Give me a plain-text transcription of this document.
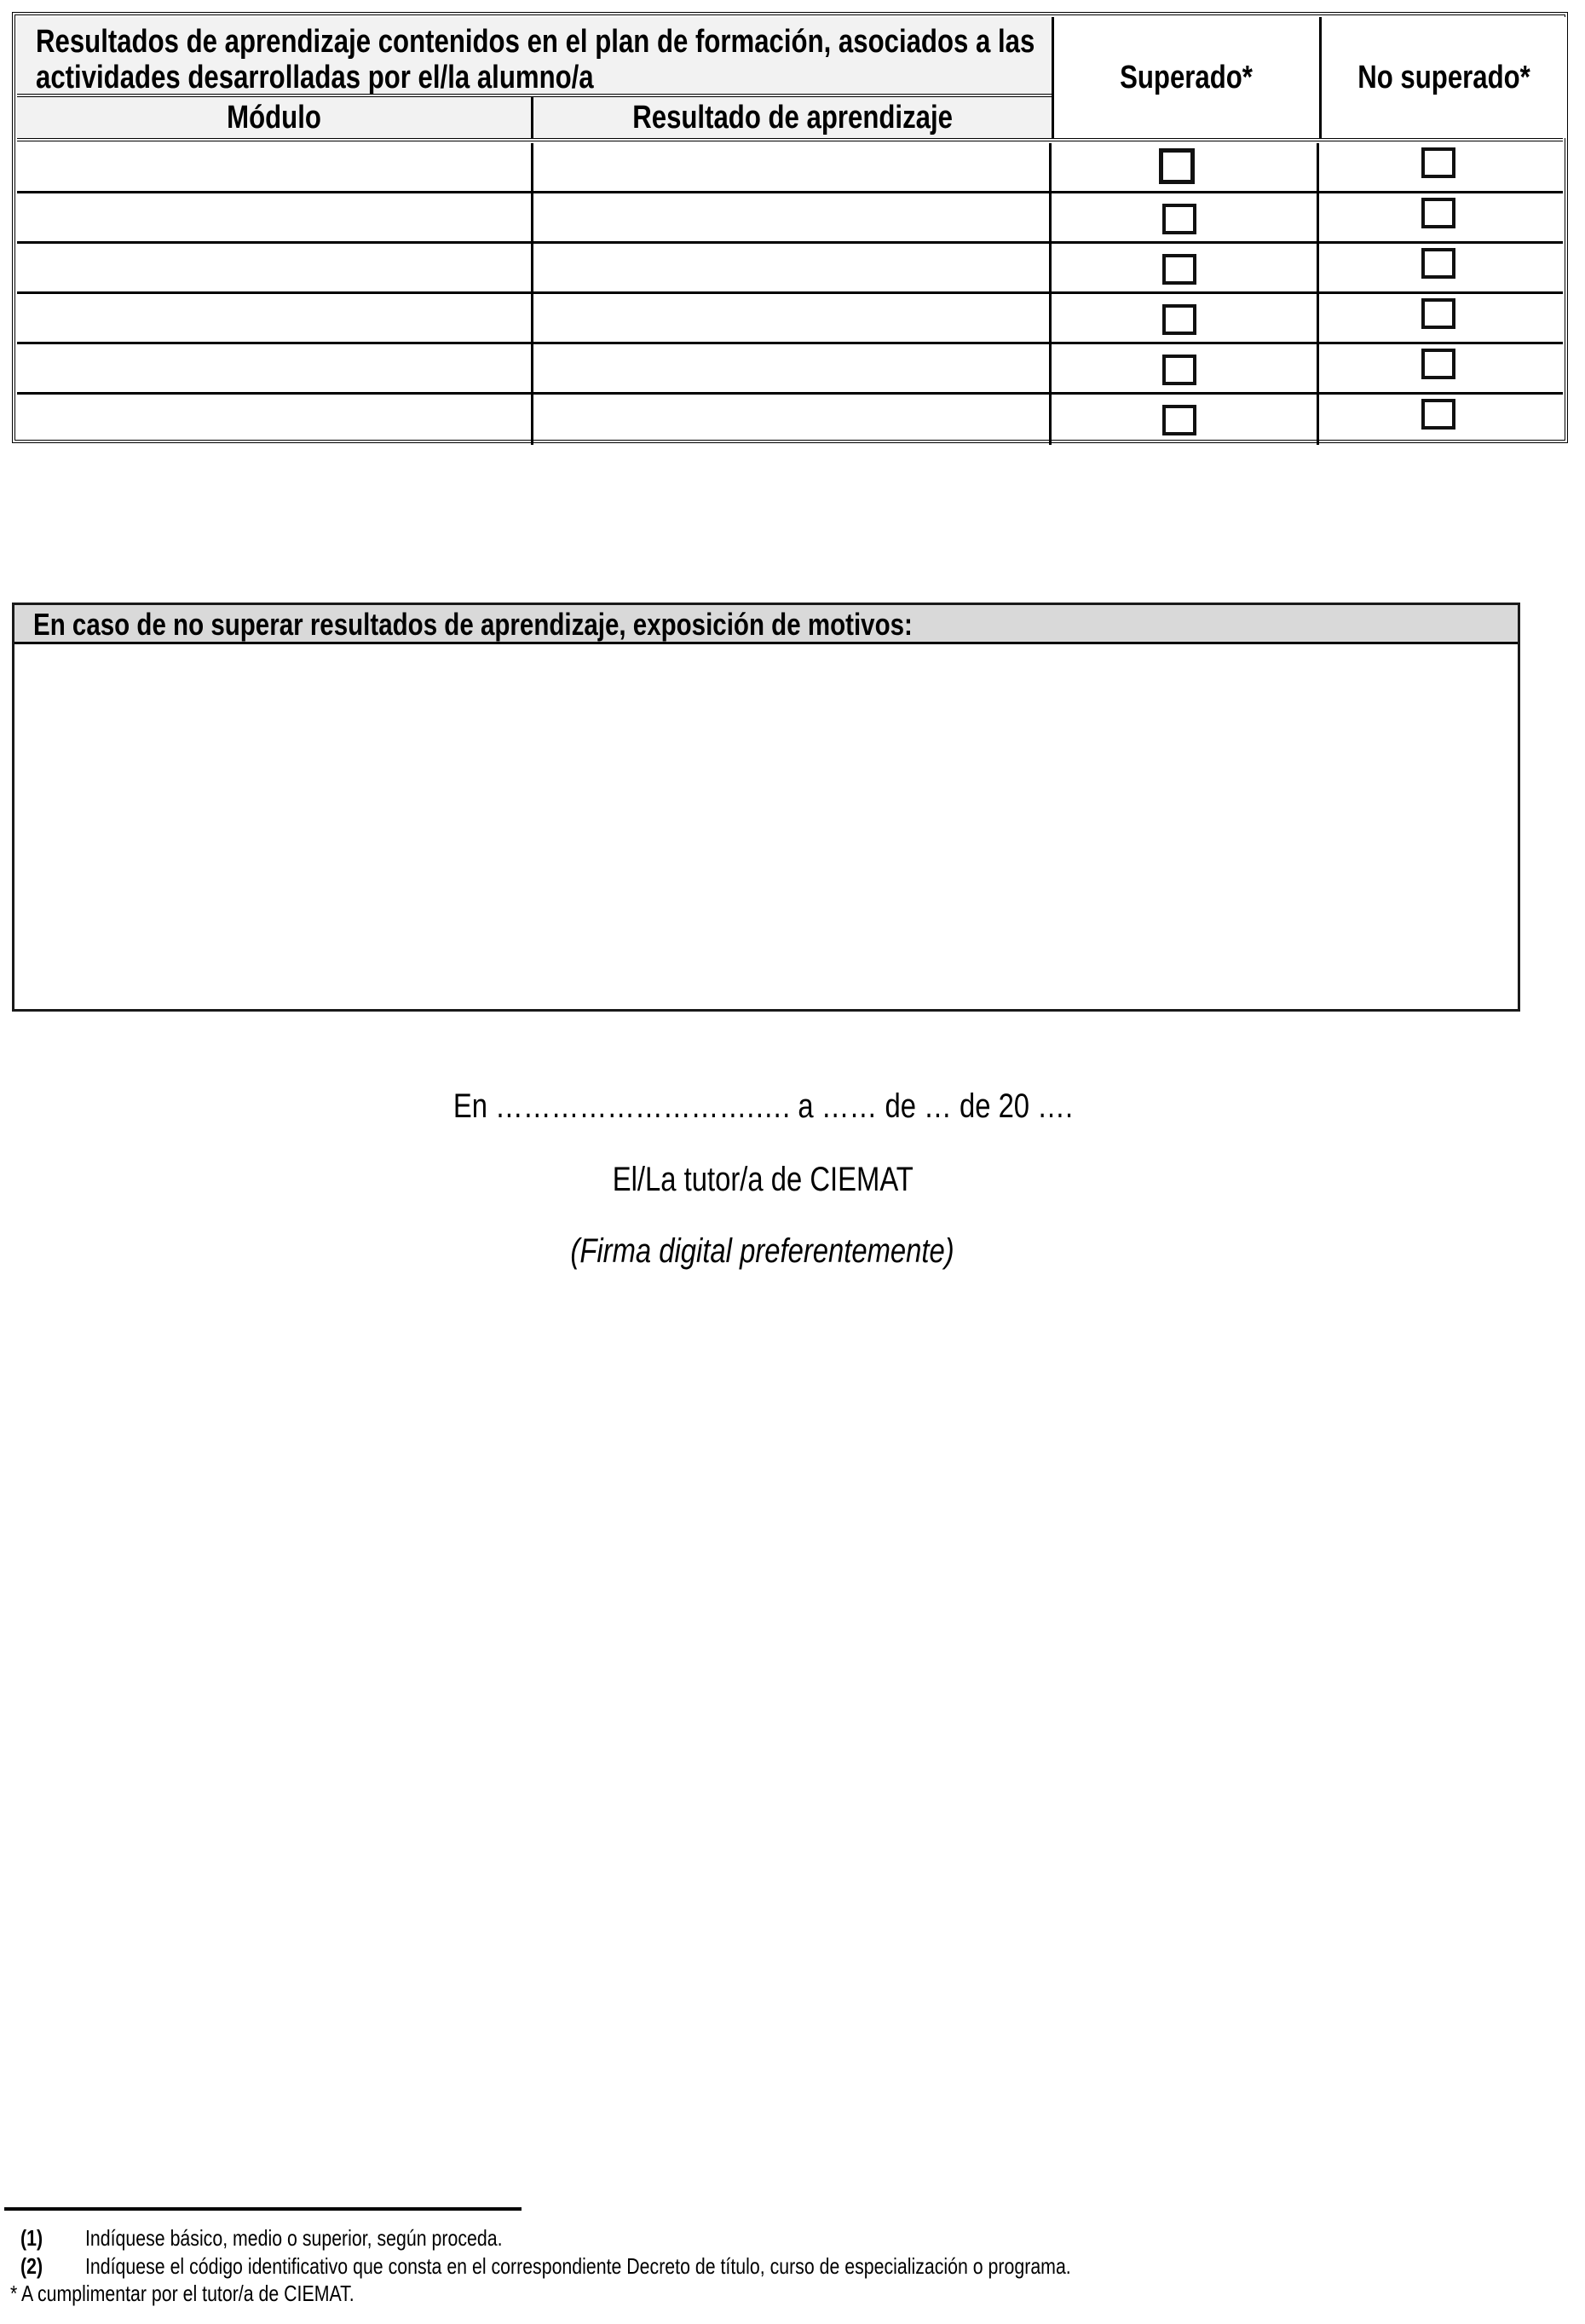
Resultados de aprendizaje contenidos en el plan de formación, asociados a las
actividades desarrolladas por el/la alumno/a
Módulo	Resultado de aprendizaje
Superado*	No superado*
En caso de no superar resultados de aprendizaje, exposición de motivos:
En ……………………….…. a …… de … de 20 ….
El/La tutor/a de CIEMAT
(Firma digital preferentemente)
(1) Indíquese básico, medio o superior, según proceda.
(2) Indíquese el código identificativo que consta en el correspondiente Decreto de título, curso de especialización o programa.
* A cumplimentar por el tutor/a de CIEMAT.
